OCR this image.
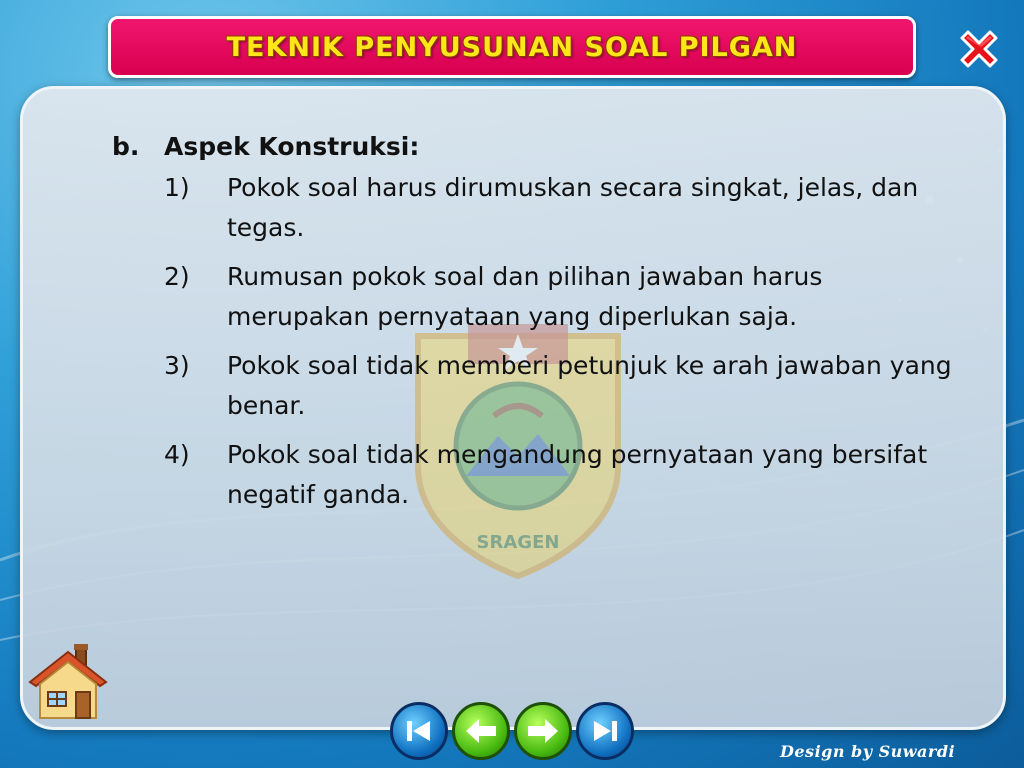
TEKNIK PENYUSUNAN SOAL PILGAN
SRAGEN
b. Aspek Konstruksi:
1)	Pokok soal harus dirumuskan secara singkat, jelas, dan tegas.
2)	Rumusan pokok soal dan pilihan jawaban harus merupakan pernyataan yang diperlukan saja.
3)	Pokok soal tidak memberi petunjuk ke arah jawaban yang benar.
4)	Pokok soal tidak mengandung pernyataan yang bersifat negatif ganda.
Design by Suwardi
